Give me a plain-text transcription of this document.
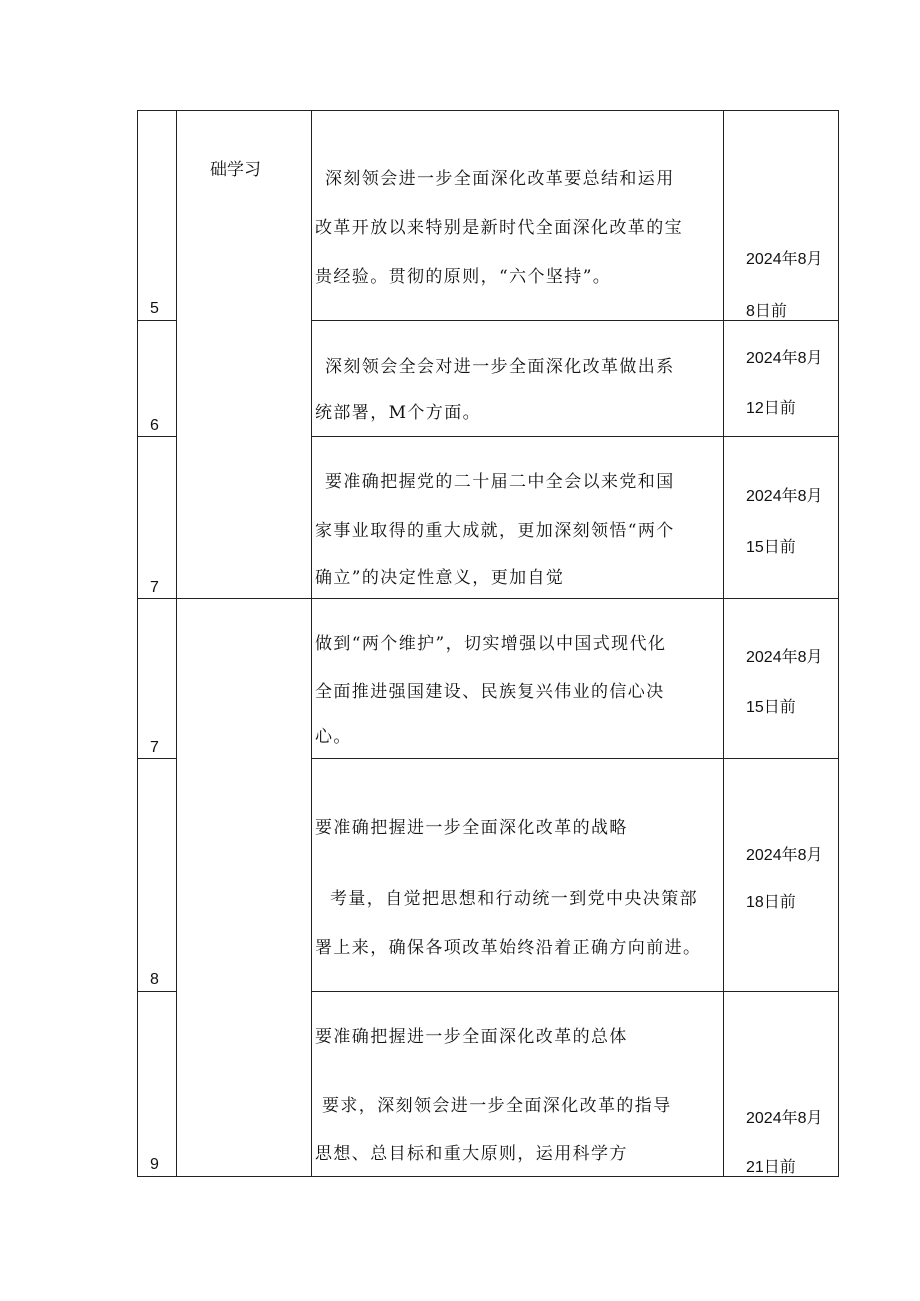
础学习
5
深刻领会进一步全面深化改革要总结和运用
改革开放以来特别是新时代全面深化改革的宝
贵经验。贯彻的原则，“六个坚持”。
2024年8月
8日前
6
深刻领会全会对进一步全面深化改革做出系
统部署，M个方面。
2024年8月
12日前
7
要准确把握党的二十届二中全会以来党和国
家事业取得的重大成就，更加深刻领悟“两个
确立”的决定性意义，更加自觉
2024年8月
15日前
7
做到“两个维护”，切实增强以中国式现代化
全面推进强国建设、民族复兴伟业的信心决
心。
2024年8月
15日前
8
要准确把握进一步全面深化改革的战略
考量，自觉把思想和行动统一到党中央决策部
署上来，确保各项改革始终沿着正确方向前进。
2024年8月
18日前
9
要准确把握进一步全面深化改革的总体
要求，深刻领会进一步全面深化改革的指导
思想、总目标和重大原则，运用科学方
2024年8月
21日前
